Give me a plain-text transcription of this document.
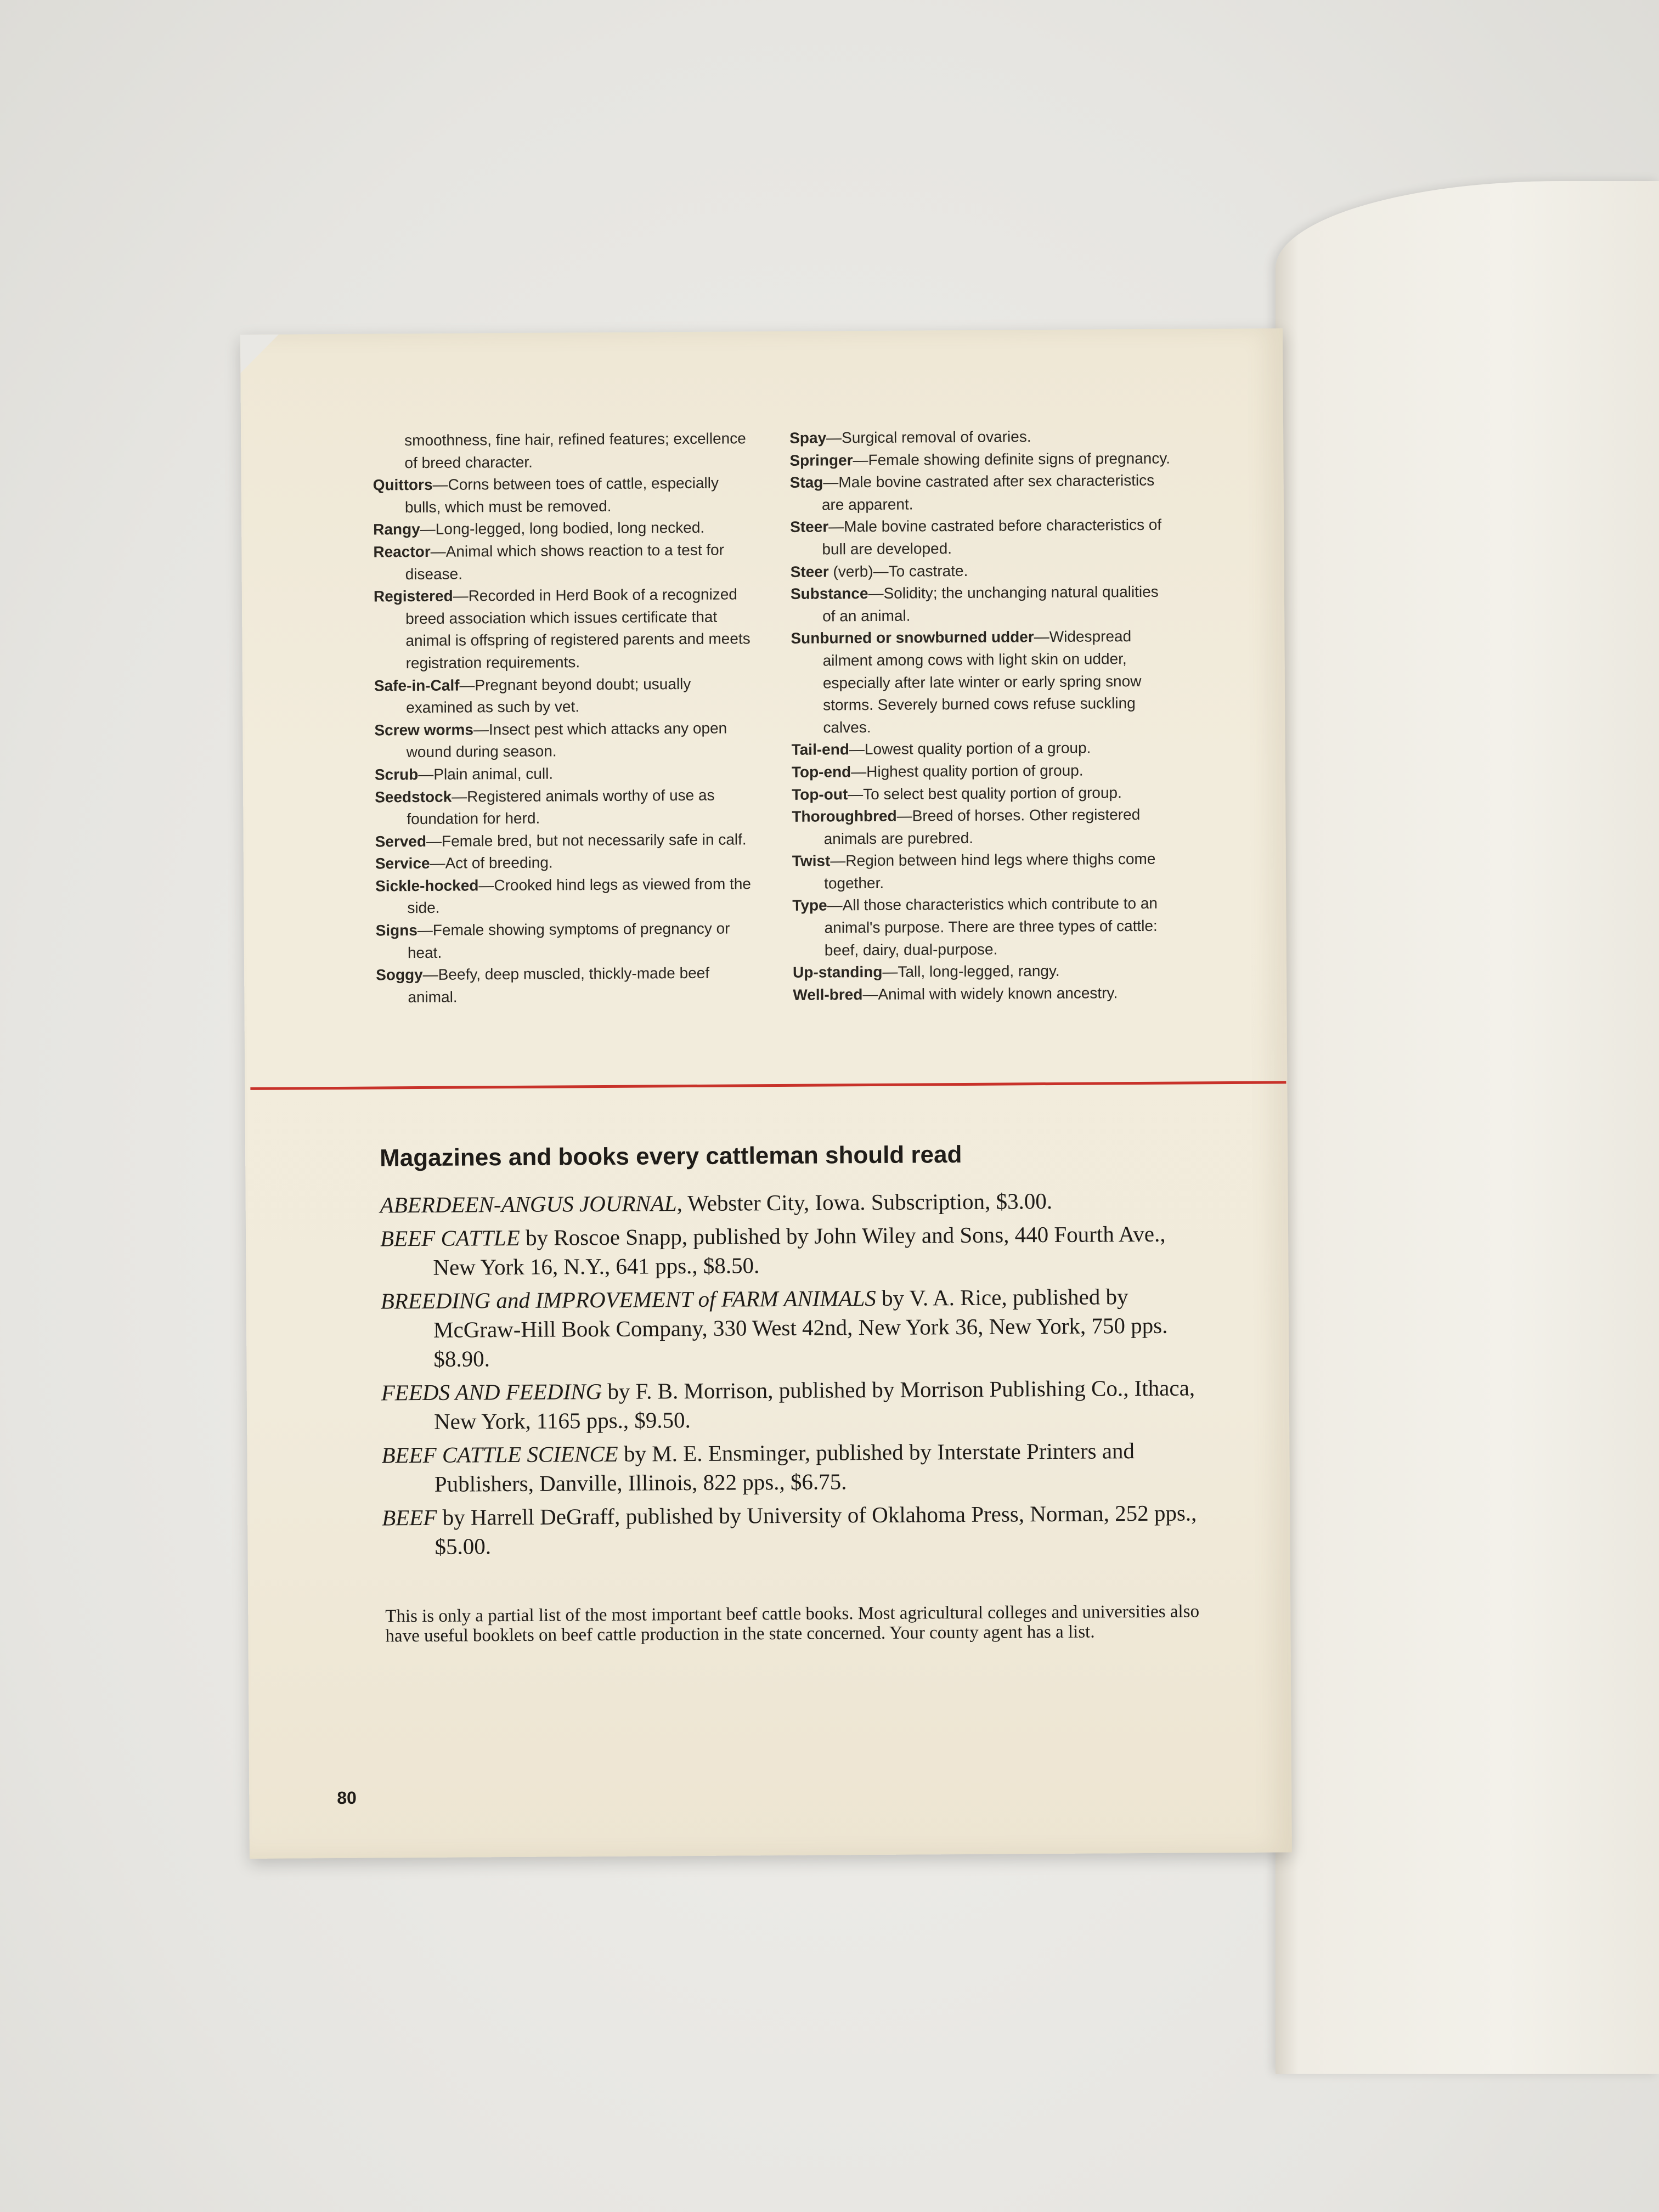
smoothness, fine hair, refined features; excellence of breed character.

Quittors—Corns between toes of cattle, especially bulls, which must be removed.

Rangy—Long-legged, long bodied, long necked.

Reactor—Animal which shows reaction to a test for disease.

Registered—Recorded in Herd Book of a recognized breed association which issues certificate that animal is offspring of registered parents and meets registration requirements.

Safe-in-Calf—Pregnant beyond doubt; usually examined as such by vet.

Screw worms—Insect pest which attacks any open wound during season.

Scrub—Plain animal, cull.

Seedstock—Registered animals worthy of use as foundation for herd.

Served—Female bred, but not necessarily safe in calf.

Service—Act of breeding.

Sickle-hocked—Crooked hind legs as viewed from the side.

Signs—Female showing symptoms of pregnancy or heat.

Soggy—Beefy, deep muscled, thickly-made beef animal.

Spay—Surgical removal of ovaries.

Springer—Female showing definite signs of pregnancy.

Stag—Male bovine castrated after sex characteristics are apparent.

Steer—Male bovine castrated before characteristics of bull are developed.

Steer (verb)—To castrate.

Substance—Solidity; the unchanging natural qualities of an animal.

Sunburned or snowburned udder—Widespread ailment among cows with light skin on udder, especially after late winter or early spring snow storms. Severely burned cows refuse suckling calves.

Tail-end—Lowest quality portion of a group.

Top-end—Highest quality portion of group.

Top-out—To select best quality portion of group.

Thoroughbred—Breed of horses. Other registered animals are purebred.

Twist—Region between hind legs where thighs come together.

Type—All those characteristics which contribute to an animal's purpose. There are three types of cattle: beef, dairy, dual-purpose.

Up-standing—Tall, long-legged, rangy.

Well-bred—Animal with widely known ancestry.

Magazines and books every cattleman should read

ABERDEEN-ANGUS JOURNAL, Webster City, Iowa. Subscription, $3.00.

BEEF CATTLE by Roscoe Snapp, published by John Wiley and Sons, 440 Fourth Ave., New York 16, N.Y., 641 pps., $8.50.

BREEDING and IMPROVEMENT of FARM ANIMALS by V. A. Rice, published by McGraw-Hill Book Company, 330 West 42nd, New York 36, New York, 750 pps. $8.90.

FEEDS AND FEEDING by F. B. Morrison, published by Morrison Publishing Co., Ithaca, New York, 1165 pps., $9.50.

BEEF CATTLE SCIENCE by M. E. Ensminger, published by Interstate Printers and Publishers, Danville, Illinois, 822 pps., $6.75.

BEEF by Harrell DeGraff, published by University of Oklahoma Press, Norman, 252 pps., $5.00.

This is only a partial list of the most important beef cattle books. Most agricultural colleges and universities also have useful booklets on beef cattle production in the state concerned. Your county agent has a list.

80
